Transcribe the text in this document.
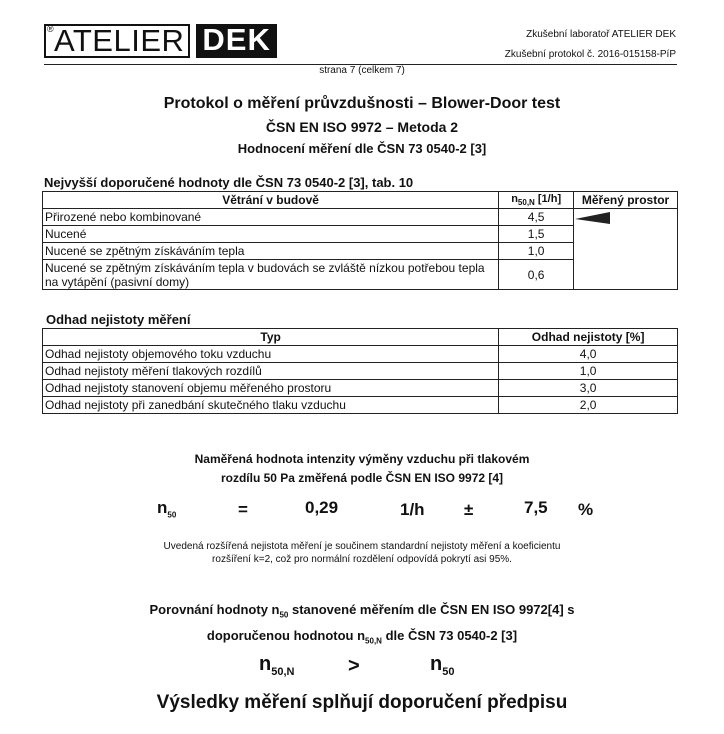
® ATELIER DEK	Zkušební laboratoř ATELIER DEK
Zkušební protokol č. 2016-015158-PíP
strana 7 (celkem 7)
Protokol o měření průvzdušnosti – Blower-Door test
ČSN EN ISO 9972 – Metoda 2
Hodnocení měření dle ČSN 73 0540-2 [3]
Nejvyšší doporučené hodnoty dle ČSN 73 0540-2 [3], tab. 10
Větrání v budově	$n_{50,N}$ [1/h]	Měřený prostor
Přirozené nebo kombinované	4,5	

Nucené	1,5	
Nucené se zpětným získáváním tepla	1,0	
Nucené se zpětným získáváním tepla v budovách se zvláště nízkou potřebou tepla na vytápění (pasivní domy)	0,6	
Odhad nejistoty měření
Typ	Odhad nejistoty [%]
Odhad nejistoty objemového toku vzduchu	4,0
Odhad nejistoty měření tlakových rozdílů	1,0
Odhad nejistoty stanovení objemu měřeného prostoru	3,0
Odhad nejistoty při zanedbání skutečného tlaku vzduchu	2,0
Naměřená hodnota intenzity výměny vzduchu při tlakovém
rozdílu 50 Pa změřená podle ČSN EN ISO 9972 [4]
$n_{50}$	=	0,29	1/h ±	7,5 %
Uvedená rozšířená nejistota měření je součinem standardní nejistoty měření a koeficientu
rozšíření k=2, což pro normální rozdělení odpovídá pokrytí asi 95%.
Porovnání hodnoty $n_{50}$ stanovené měřením dle ČSN EN ISO 9972[4] s
doporučenou hodnotou $n_{50,N}$ dle ČSN 73 0540-2 [3]
$n_{50,N}$	>	$n_{50}$
Výsledky měření splňují doporučení předpisu
